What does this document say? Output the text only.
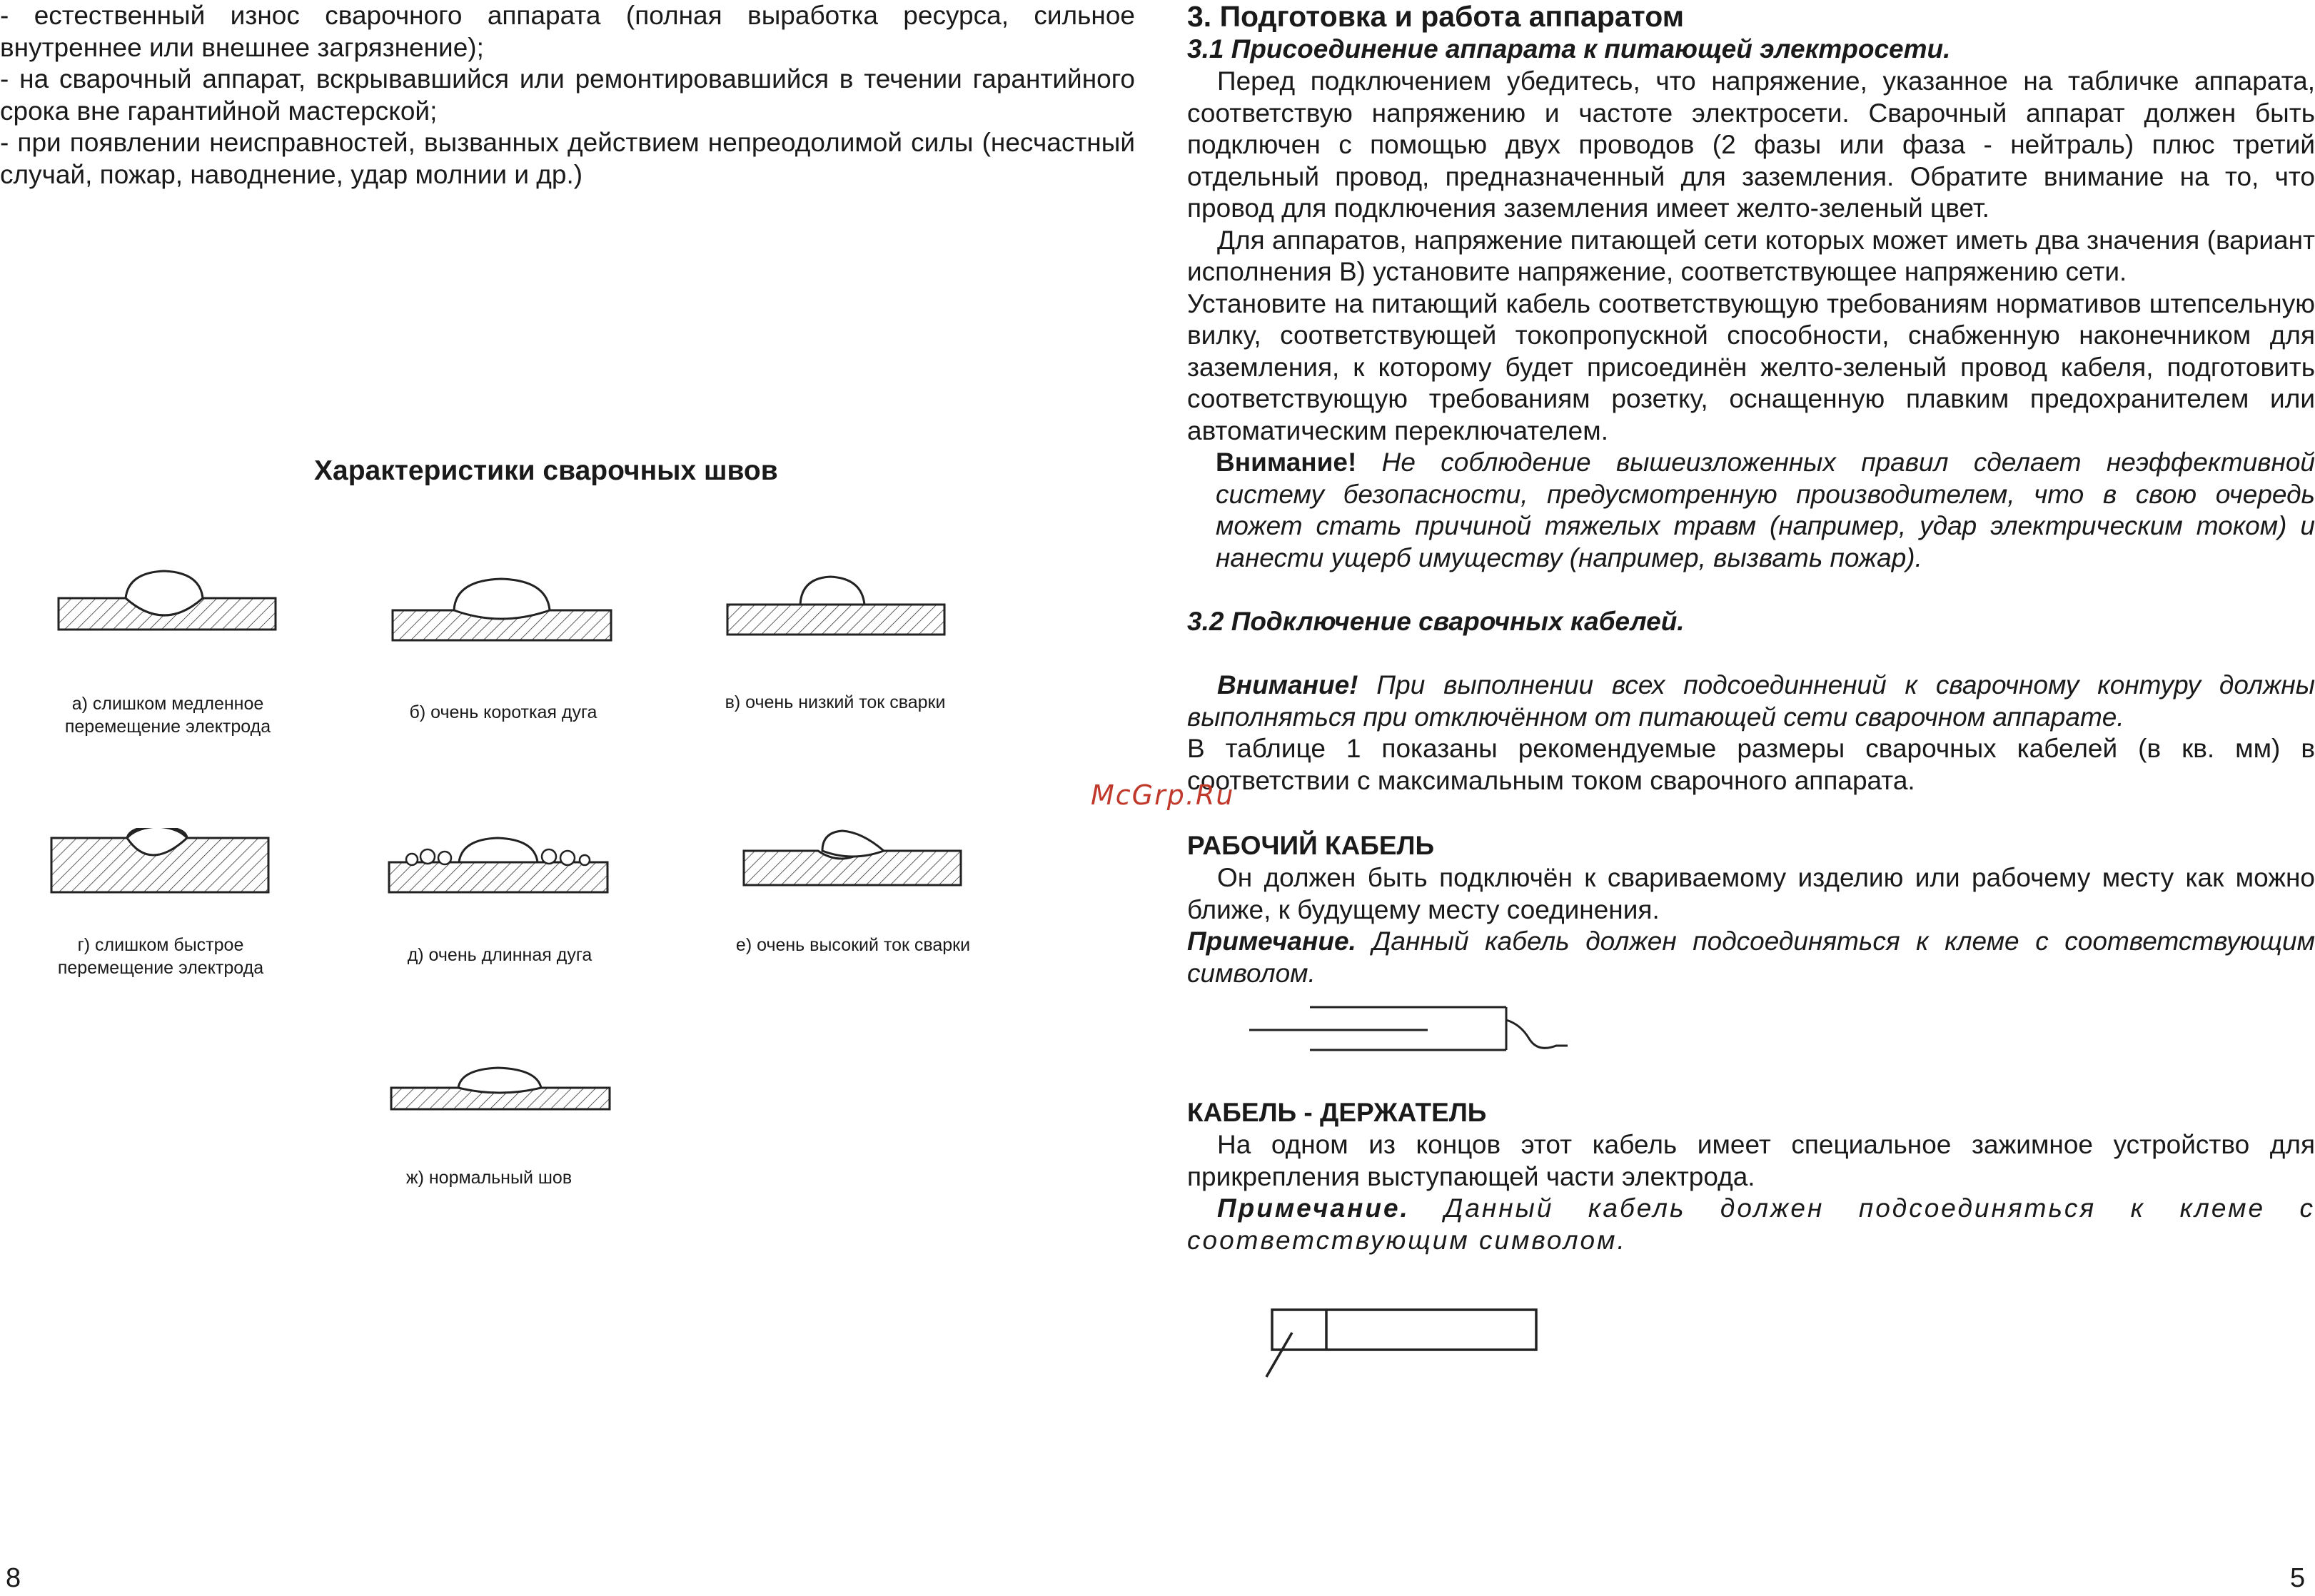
- естественный износ сварочного аппарата (полная выработка ресурса, сильное внутреннее или внешнее загрязнение);

- на сварочный аппарат, вскрывавшийся или ремонтировавшийся в течении гарантийного срока вне гарантийной мастерской;

- при появлении неисправностей, вызванных действием непреодолимой силы (несчастный случай, пожар, наводнение, удар молнии и др.)

Характеристики сварочных швов
а) слишком медленное перемещение электрода
б) очень короткая дуга	в) очень низкий ток сварки
г) слишком быстрое перемещение электрода
д) очень длинная дуга	е) очень высокий ток сварки
ж) нормальный шов
8

3. Подготовка и работа аппаратом

3.1 Присоединение аппарата к питающей электросети.

Перед подключением убедитесь, что напряжение, указанное на табличке аппарата, соответствую напряжению и частоте электросети. Сварочный аппарат должен быть подключен с помощью двух проводов (2 фазы или фаза - нейтраль) плюс третий отдельный провод, предназначенный для заземления. Обратите внимание на то, что провод для подключения заземления имеет желто-зеленый цвет.

Для аппаратов, напряжение питающей сети которых может иметь два значения (вариант исполнения В) установите напряжение, соответствующее напряжению сети.

Установите на питающий кабель соответствующую требованиям нормативов штепсельную вилку, соответствующей токопропускной способности, снабженную наконечником для заземления, к которому будет присоединён желто-зеленый провод кабеля, подготовить соответствующую требованиям розетку, оснащенную плавким предохранителем или автоматическим переключателем.

Внимание! Не соблюдение вышеизложенных правил сделает неэффективной систему безопасности, предусмотренную производителем, что в свою очередь может стать причиной тяжелых травм (например, удар электрическим током) и нанести ущерб имуществу (например, вызвать пожар).

3.2 Подключение сварочных кабелей.

Внимание! При выполнении всех подсоединнений к сварочному контуру должны выполняться при отключённом от питающей сети сварочном аппарате.

В таблице 1 показаны рекомендуемые размеры сварочных кабелей (в кв. мм) в соответствии с максимальным током сварочного аппарата.

РАБОЧИЙ КАБЕЛЬ

Он должен быть подключён к свариваемому изделию или рабочему месту как можно ближе, к будущему месту соединения.

Примечание. Данный кабель должен подсоединяться к клеме с соответствующим символом.

КАБЕЛЬ - ДЕРЖАТЕЛЬ

На одном из концов этот кабель имеет специальное зажимное устройство для прикрепления выступающей части электрода.

Примечание. Данный кабель должен подсоединяться к клеме с соответствующим символом.

McGrp.Ru
5
